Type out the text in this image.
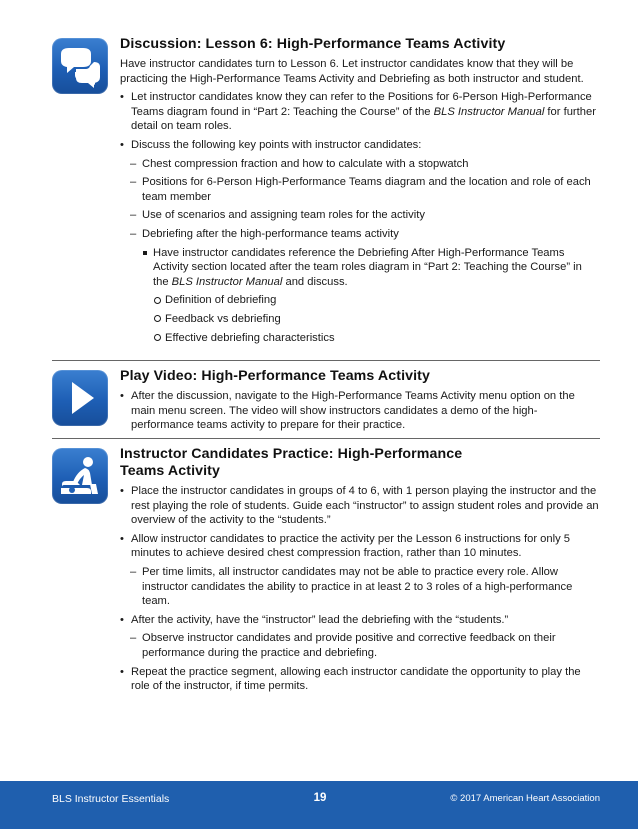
Discussion: Lesson 6: High-Performance Teams Activity
Have instructor candidates turn to Lesson 6. Let instructor candidates know that they will be practicing the High-Performance Teams Activity and Debriefing as both instructor and student.
• Let instructor candidates know they can refer to the Positions for 6-Person High-Performance Teams diagram found in “Part 2: Teaching the Course” of the BLS Instructor Manual for further detail on team roles.
• Discuss the following key points with instructor candidates:
– Chest compression fraction and how to calculate with a stopwatch
– Positions for 6-Person High-Performance Teams diagram and the location and role of each team member
– Use of scenarios and assigning team roles for the activity
– Debriefing after the high-performance teams activity
Have instructor candidates reference the Debriefing After High-Performance Teams Activity section located after the team roles diagram in “Part 2: Teaching the Course” in the BLS Instructor Manual and discuss.
Definition of debriefing
Feedback vs debriefing
Effective debriefing characteristics
Play Video: High-Performance Teams Activity
• After the discussion, navigate to the High-Performance Teams Activity menu option on the main menu screen. The video will show instructors candidates a demo of the high-performance teams activity to prepare for their practice.
Instructor Candidates Practice: High-Performance
Teams Activity
• Place the instructor candidates in groups of 4 to 6, with 1 person playing the instructor and the rest playing the role of students. Guide each “instructor” to assign student roles and provide an overview of the activity to the “students.”
• Allow instructor candidates to practice the activity per the Lesson 6 instructions for only 5 minutes to achieve desired chest compression fraction, rather than 10 minutes.
– Per time limits, all instructor candidates may not be able to practice every role. Allow instructor candidates the ability to practice in at least 2 to 3 roles of a high-performance team.
• After the activity, have the “instructor” lead the debriefing with the “students.”
– Observe instructor candidates and provide positive and corrective feedback on their performance during the practice and debriefing.
• Repeat the practice segment, allowing each instructor candidate the opportunity to play the role of the instructor, if time permits.
BLS Instructor Essentials	19	© 2017 American Heart Association
